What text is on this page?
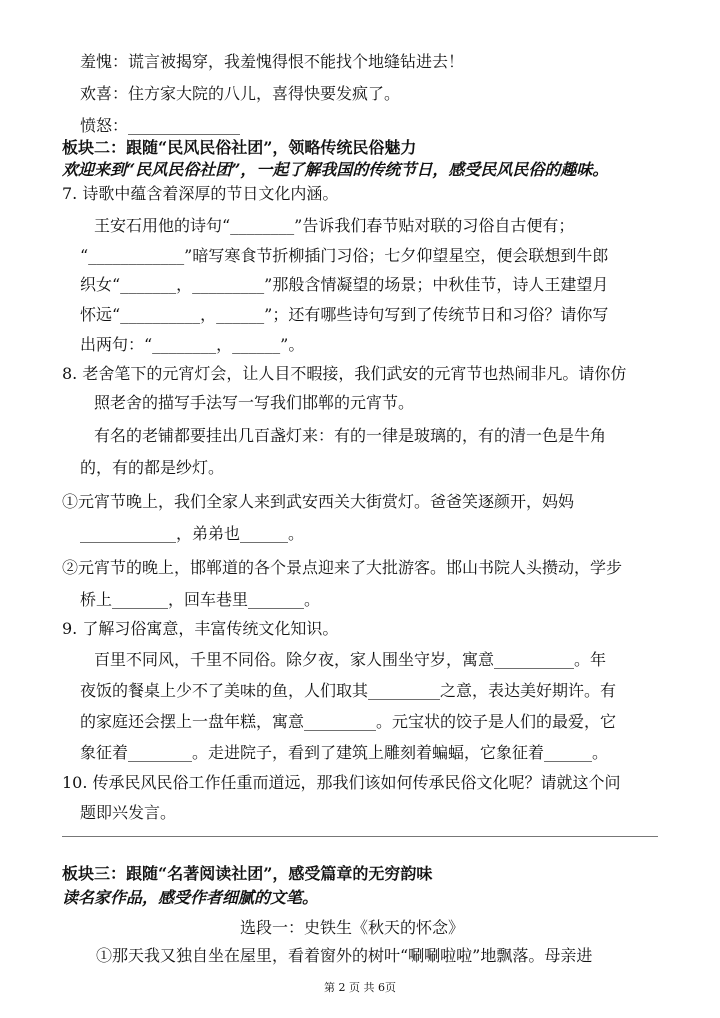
羞愧：谎言被揭穿，我羞愧得恨不能找个地缝钻进去！
欢喜：住方家大院的八儿，喜得快要发疯了。
愤怒：______________
板块二：跟随“民风民俗社团”，领略传统民俗魅力
欢迎来到“民风民俗社团”，一起了解我国的传统节日，感受民风民俗的趣味。
7. 诗歌中蕴含着深厚的节日文化内涵。
王安石用他的诗句“________”告诉我们春节贴对联的习俗自古便有；
“____________”暗写寒食节折柳插门习俗；七夕仰望星空，便会联想到牛郎
织女“_______，_________”那般含情凝望的场景；中秋佳节，诗人王建望月
怀远“__________，______”；还有哪些诗句写到了传统节日和习俗？请你写
出两句：“________，______”。
8. 老舍笔下的元宵灯会，让人目不暇接，我们武安的元宵节也热闹非凡。请你仿
照老舍的描写手法写一写我们邯郸的元宵节。
有名的老铺都要挂出几百盏灯来：有的一律是玻璃的，有的清一色是牛角
的，有的都是纱灯。
①元宵节晚上，我们全家人来到武安西关大街赏灯。爸爸笑逐颜开，妈妈
____________，弟弟也______。
②元宵节的晚上，邯郸道的各个景点迎来了大批游客。邯山书院人头攒动，学步
桥上_______，回车巷里_______。
9. 了解习俗寓意，丰富传统文化知识。
百里不同风，千里不同俗。除夕夜，家人围坐守岁，寓意__________。年
夜饭的餐桌上少不了美味的鱼，人们取其_________之意，表达美好期许。有
的家庭还会摆上一盘年糕，寓意_________。元宝状的饺子是人们的最爱，它
象征着________。走进院子，看到了建筑上雕刻着蝙蝠，它象征着______。
10. 传承民风民俗工作任重而道远，那我们该如何传承民俗文化呢？请就这个问
题即兴发言。
板块三：跟随“名著阅读社团”，感受篇章的无穷韵味
读名家作品，感受作者细腻的文笔。
选段一：史铁生《秋天的怀念》
①那天我又独自坐在屋里，看着窗外的树叶“唰唰啦啦”地飘落。母亲进
第 2 页 共 6页
